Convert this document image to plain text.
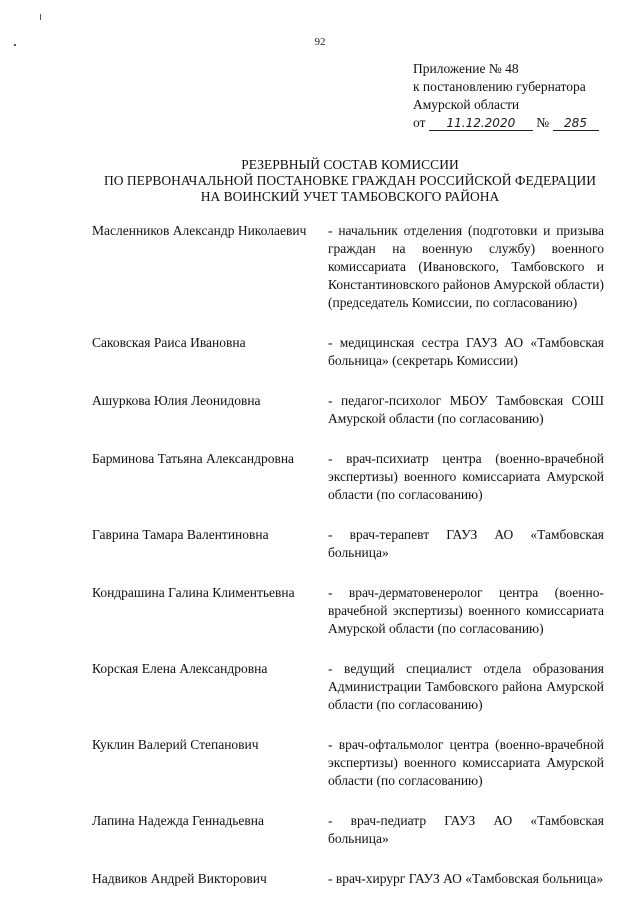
92
Приложение № 48
к постановлению губернатора
Амурской области
от 11.12.2020 № 285
РЕЗЕРВНЫЙ СОСТАВ КОМИССИИ
ПО ПЕРВОНАЧАЛЬНОЙ ПОСТАНОВКЕ ГРАЖДАН РОССИЙСКОЙ ФЕДЕРАЦИИ
НА ВОИНСКИЙ УЧЕТ ТАМБОВСКОГО РАЙОНА
Масленников Александр Николаевич	- начальник отделения (подготовки и призыва граждан на военную службу) военного комиссариата (Ивановского, Тамбовского и Константиновского районов Амурской области) (председатель Комиссии, по согласованию)
Саковская Раиса Ивановна	- медицинская сестра ГАУЗ АО «Тамбовская больница» (секретарь Комиссии)
Ашуркова Юлия Леонидовна	- педагог-психолог МБОУ Тамбовская СОШ Амурской области (по согласованию)
Барминова Татьяна Александровна	- врач-психиатр центра (военно-врачебной экспертизы) военного комиссариата Амурской области (по согласованию)
Гаврина Тамара Валентиновна	- врач-терапевт ГАУЗ АО «Тамбовская больница»
Кондрашина Галина Климентьевна	- врач-дерматовенеролог центра (военно-врачебной экспертизы) военного комиссариата Амурской области (по согласованию)
Корская Елена Александровна	- ведущий специалист отдела образования Администрации Тамбовского района Амурской области (по согласованию)
Куклин Валерий Степанович	- врач-офтальмолог центра (военно-врачебной экспертизы) военного комиссариата Амурской области (по согласованию)
Лапина Надежда Геннадьевна	- врач-педиатр ГАУЗ АО «Тамбовская больница»
Надвиков Андрей Викторович	- врач-хирург ГАУЗ АО «Тамбовская больница»
